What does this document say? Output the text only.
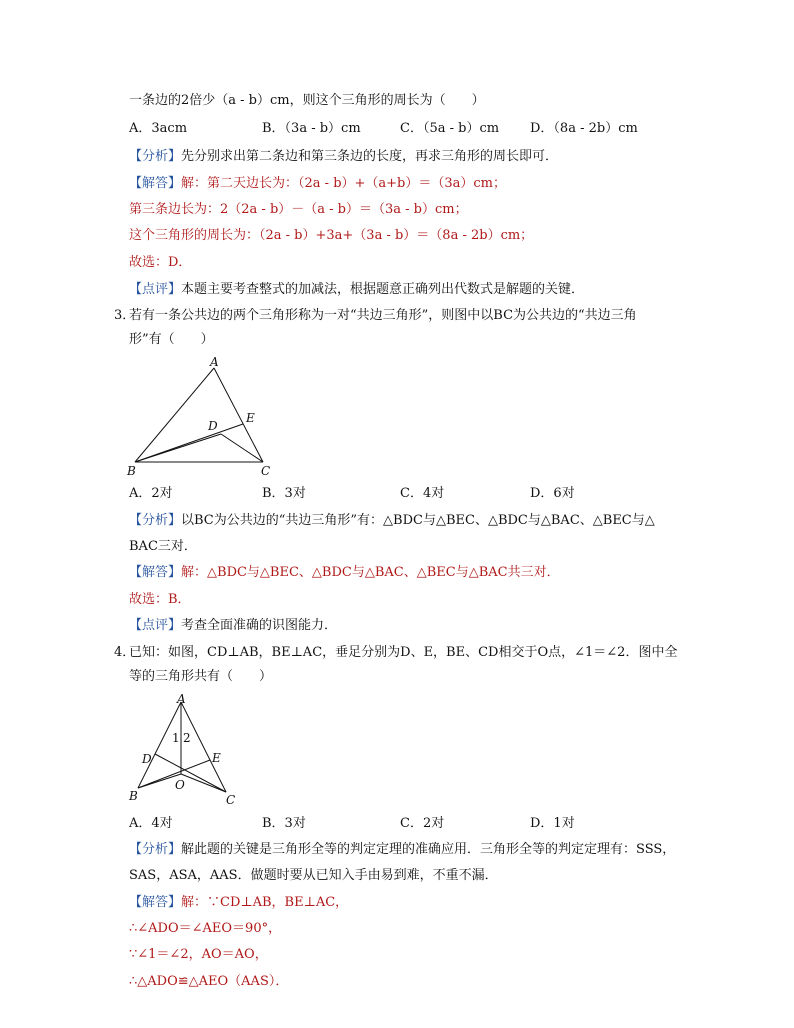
一条边的2倍少（a - b）cm，则这个三角形的周长为（　　）
A．3acm	B．（3a - b）cm	C．（5a - b）cm	D．（8a - 2b）cm
【分析】先分别求出第二条边和第三条边的长度，再求三角形的周长即可．
【解答】解：第二天边长为：（2a - b）+（a+b）＝（3a）cm；
第三条边长为：2（2a - b）－（a - b）＝（3a - b）cm；
这个三角形的周长为：（2a - b）+3a+（3a - b）＝（8a - 2b）cm；
故选：D．
【点评】本题主要考查整式的加减法，根据题意正确列出代数式是解题的关键．
3．
若有一条公共边的两个三角形称为一对“共边三角形”，则图中以BC为公共边的“共边三角
形”有（　　）
A
B	C
D
E
A．2对	B．3对	C．4对	D．6对
【分析】以BC为公共边的“共边三角形”有：△BDC与△BEC、△BDC与△BAC、△BEC与△
BAC三对．
【解答】解：△BDC与△BEC、△BDC与△BAC、△BEC与△BAC共三对．
故选：B．
【点评】考查全面准确的识图能力．
4．
已知：如图，CD⊥AB，BE⊥AC，垂足分别为D、E，BE、CD相交于O点，∠1＝∠2．图中全
等的三角形共有（　　）
A
B	C
D	E
O
1 2
A．4对	B．3对	C．2对	D．1对
【分析】解此题的关键是三角形全等的判定定理的准确应用．三角形全等的判定定理有：SSS，
SAS，ASA，AAS．做题时要从已知入手由易到难，不重不漏．
【解答】解：∵CD⊥AB，BE⊥AC，
∴∠ADO＝∠AEO＝90°，
∵∠1＝∠2，AO＝AO，
∴△ADO≌△AEO（AAS）．
